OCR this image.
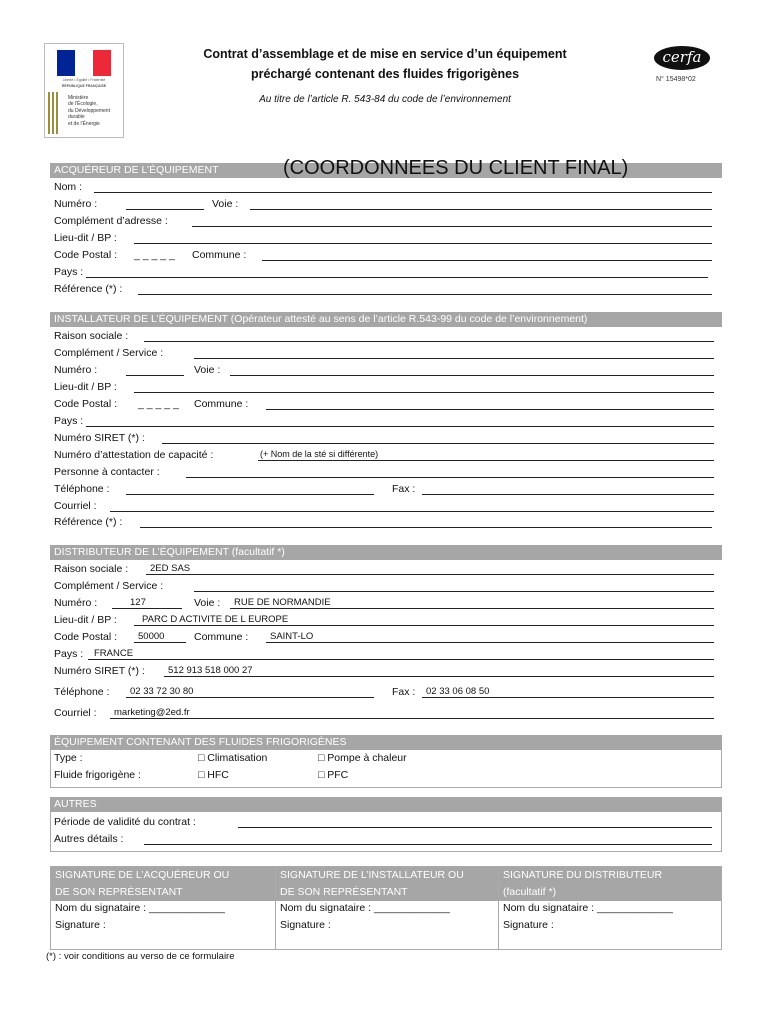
Liberté • Égalité • Fraternité
RÉPUBLIQUE FRANÇAISE
Ministère
de l'Écologie,
du Développement
durable
et de l'Énergie
Contrat d’assemblage et de mise en service d’un équipement
préchargé contenant des fluides frigorigènes
Au titre de l’article R. 543-84 du code de l’environnement
cerfa
N° 15498*02
ACQUÉREUR DE L’ÉQUIPEMENT	(COORDONNEES DU CLIENT FINAL)
Nom :
Numéro :	Voie :
Complément d’adresse :
Lieu-dit / BP :
Code Postal : _ _ _ _ _ Commune :
Pays :
Référence (*) :
INSTALLATEUR DE L’ÉQUIPEMENT (Opérateur attesté au sens de l’article R.543-99 du code de l’environnement)
Raison sociale :
Complément / Service :
Numéro :	Voie :
Lieu-dit / BP :
Code Postal : _ _ _ _ _ Commune :
Pays :
Numéro SIRET (*) :
Numéro d’attestation de capacité :	(+ Nom de la sté si différente)
Personne à contacter :
Téléphone :	Fax :
Courriel :
Référence (*) :
DISTRIBUTEUR DE L’ÉQUIPEMENT (facultatif *)
Raison sociale : 2ED SAS
Complément / Service :
Numéro :	127	Voie : RUE DE NORMANDIE
Lieu-dit / BP :	PARC D ACTIVITE DE L EUROPE
Code Postal : 50000	Commune : SAINT-LO
Pays : FRANCE
Numéro SIRET (*) : 512 913 518 000 27
Téléphone : 02 33 72 30 80	Fax : 02 33 06 08 50
Courriel : marketing@2ed.fr
ÉQUIPEMENT CONTENANT DES FLUIDES FRIGORIGÈNES
Type :	□ Climatisation	□ Pompe à chaleur
Fluide frigorigène :	□ HFC	□ PFC
AUTRES
Période de validité du contrat :
Autres détails :
SIGNATURE DE L’ACQUÉREUR OU
DE SON REPRÉSENTANT
Nom du signataire : _____________
Signature :
SIGNATURE DE L’INSTALLATEUR OU
DE SON REPRÉSENTANT
Nom du signataire : _____________
Signature :
SIGNATURE DU DISTRIBUTEUR
(facultatif *)
Nom du signataire : _____________
Signature :
(*) : voir conditions au verso de ce formulaire
